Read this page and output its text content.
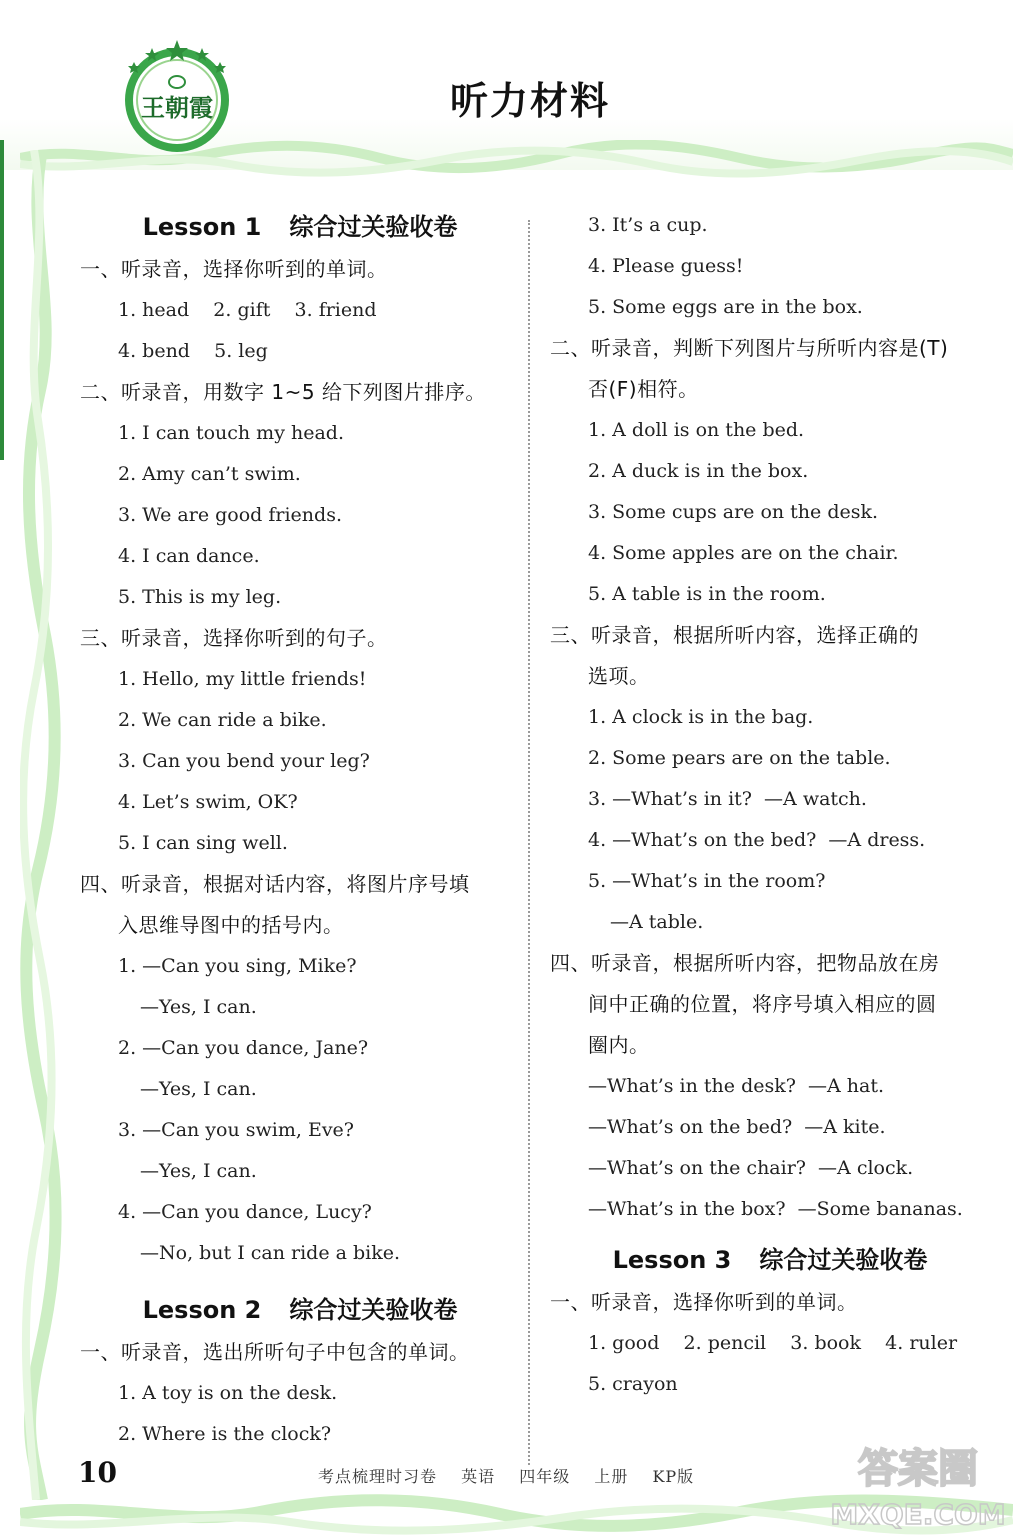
王朝霞	听力材料
Lesson 1 综合过关验收卷
一、听录音，选择你听到的单词。
1. head    2. gift    3. friend
4. bend    5. leg
二、听录音，用数字 1~5 给下列图片排序。
1. I can touch my head.
2. Amy can’t swim.
3. We are good friends.
4. I can dance.
5. This is my leg.
三、听录音，选择你听到的句子。
1. Hello, my little friends!
2. We can ride a bike.
3. Can you bend your leg?
4. Let’s swim, OK?
5. I can sing well.
四、听录音，根据对话内容，将图片序号填
入思维导图中的括号内。
1. —Can you sing, Mike?
—Yes, I can.
2. —Can you dance, Jane?
—Yes, I can.
3. —Can you swim, Eve?
—Yes, I can.
4. —Can you dance, Lucy?
—No, but I can ride a bike.
Lesson 2 综合过关验收卷
一、听录音，选出所听句子中包含的单词。
1. A toy is on the desk.
2. Where is the clock?
3. It’s a cup.
4. Please guess!
5. Some eggs are in the box.
二、听录音，判断下列图片与所听内容是(T)
否(F)相符。
1. A doll is on the bed.
2. A duck is in the box.
3. Some cups are on the desk.
4. Some apples are on the chair.
5. A table is in the room.
三、听录音，根据所听内容，选择正确的
选项。
1. A clock is in the bag.
2. Some pears are on the table.
3. —What’s in it?  —A watch.
4. —What’s on the bed?  —A dress.
5. —What’s in the room?
—A table.
四、听录音，根据所听内容，把物品放在房
间中正确的位置，将序号填入相应的圆
圈内。
—What’s in the desk?  —A hat.
—What’s on the bed?  —A kite.
—What’s on the chair?  —A clock.
—What’s in the box?  —Some bananas.
Lesson 3 综合过关验收卷
一、听录音，选择你听到的单词。
1. good    2. pencil    3. book    4. ruler
5. crayon
10	考点梳理时习卷 英语 四年级 上册 KP版	答案圈
MXQE.COM
